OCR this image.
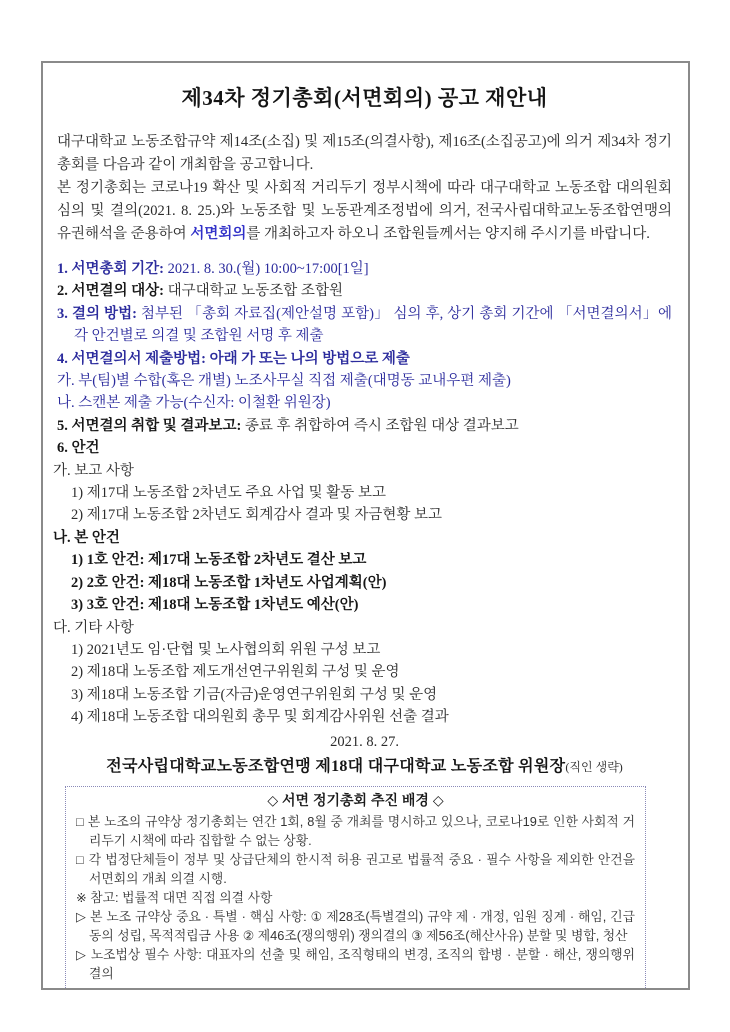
제34차 정기총회(서면회의) 공고 재안내

대구대학교 노동조합규약 제14조(소집) 및 제15조(의결사항), 제16조(소집공고)에 의거 제34차 정기총회를 다음과 같이 개최함을 공고합니다.

본 정기총회는 코로나19 확산 및 사회적 거리두기 정부시책에 따라 대구대학교 노동조합 대의원회 심의 및 결의(2021. 8. 25.)와 노동조합 및 노동관계조정법에 의거, 전국사립대학교노동조합연맹의 유권해석을 준용하여 서면회의를 개최하고자 하오니 조합원들께서는 양지해 주시기를 바랍니다.

1. 서면총회 기간: 2021. 8. 30.(월) 10:00~17:00[1일]
2. 서면결의 대상: 대구대학교 노동조합 조합원
3. 결의 방법: 첨부된 「총회 자료집(제안설명 포함)」 심의 후, 상기 총회 기간에 「서면결의서」에 각 안건별로 의결 및 조합원 서명 후 제출
4. 서면결의서 제출방법: 아래 가 또는 나의 방법으로 제출
가. 부(팀)별 수합(혹은 개별) 노조사무실 직접 제출(대명동 교내우편 제출)
나. 스캔본 제출 가능(수신자: 이철환 위원장)
5. 서면결의 취합 및 결과보고: 종료 후 취합하여 즉시 조합원 대상 결과보고
6. 안건
가. 보고 사항
1) 제17대 노동조합 2차년도 주요 사업 및 활동 보고
2) 제17대 노동조합 2차년도 회계감사 결과 및 자금현황 보고
나. 본 안건
1) 1호 안건: 제17대 노동조합 2차년도 결산 보고
2) 2호 안건: 제18대 노동조합 1차년도 사업계획(안)
3) 3호 안건: 제18대 노동조합 1차년도 예산(안)
다. 기타 사항
1) 2021년도 임·단협 및 노사협의회 위원 구성 보고
2) 제18대 노동조합 제도개선연구위원회 구성 및 운영
3) 제18대 노동조합 기금(자금)운영연구위원회 구성 및 운영
4) 제18대 노동조합 대의원회 총무 및 회계감사위원 선출 결과
2021. 8. 27.
전국사립대학교노동조합연맹 제18대 대구대학교 노동조합 위원장(직인 생략)
◇ 서면 정기총회 추진 배경 ◇
□ 본 노조의 규약상 정기총회는 연간 1회, 8월 중 개최를 명시하고 있으나, 코로나19로 인한 사회적 거리두기 시책에 따라 집합할 수 없는 상황.
□ 각 법정단체들이 정부 및 상급단체의 한시적 허용 권고로 법률적 중요 · 필수 사항을 제외한 안건을 서면회의 개최 의결 시행.
※ 참고: 법률적 대면 직접 의결 사항
▷ 본 노조 규약상 중요 · 특별 · 핵심 사항: ① 제28조(특별결의) 규약 제 · 개정, 임원 징계 · 해임, 긴급동의 성립, 목적적립금 사용 ② 제46조(쟁의행위) 쟁의결의 ③ 제56조(해산사유) 분할 및 병합, 청산
▷ 노조법상 필수 사항: 대표자의 선출 및 해임, 조직형태의 변경, 조직의 합병 · 분할 · 해산, 쟁의행위 결의
